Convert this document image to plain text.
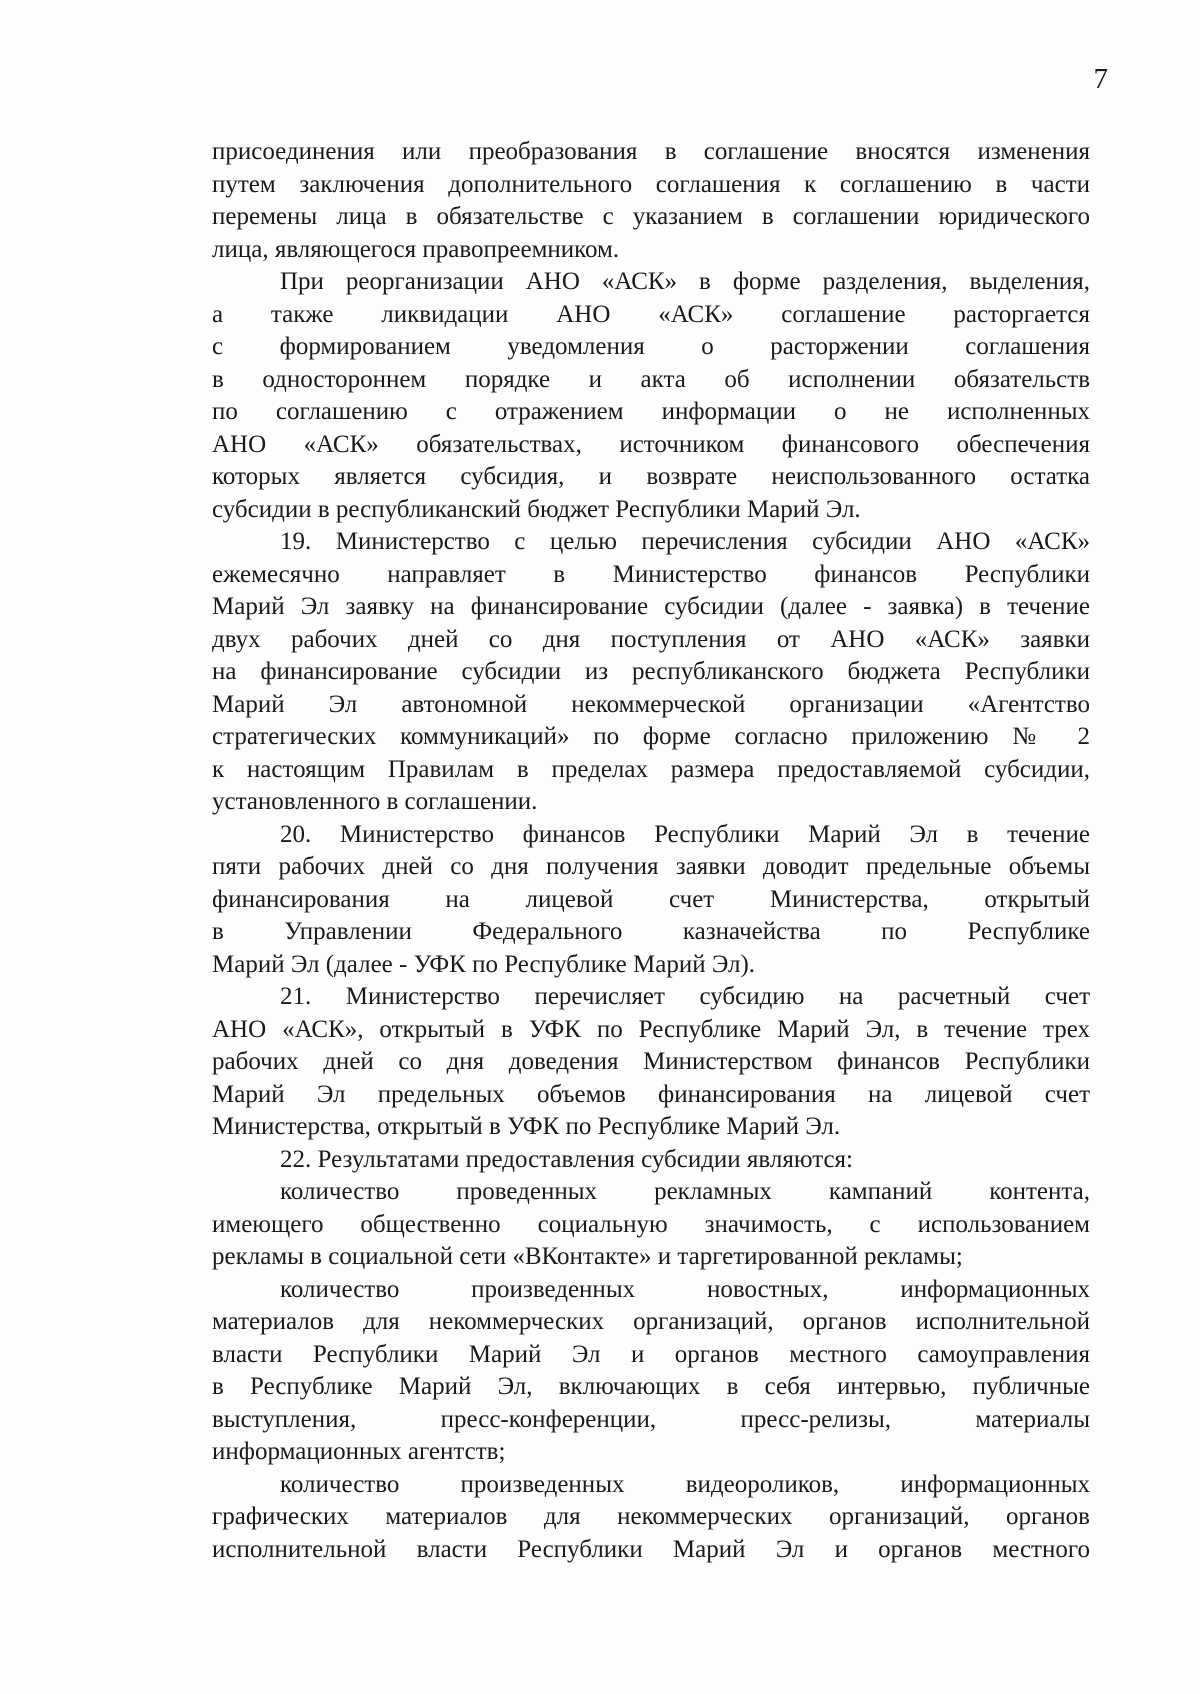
7
присоединения или преобразования в соглашение вносятся изменения
путем заключения дополнительного соглашения к соглашению в части
перемены лица в обязательстве с указанием в соглашении юридического
лица, являющегося правопреемником.
При реорганизации АНО «АСК» в форме разделения, выделения,
а также ликвидации АНО «АСК» соглашение расторгается
с формированием уведомления о расторжении соглашения
в одностороннем порядке и акта об исполнении обязательств
по соглашению с отражением информации о не исполненных
АНО «АСК» обязательствах, источником финансового обеспечения
которых является субсидия, и возврате неиспользованного остатка
субсидии в республиканский бюджет Республики Марий Эл.
19. Министерство с целью перечисления субсидии АНО «АСК»
ежемесячно направляет в Министерство финансов Республики
Марий Эл заявку на финансирование субсидии (далее - заявка) в течение
двух рабочих дней со дня поступления от АНО «АСК» заявки
на финансирование субсидии из республиканского бюджета Республики
Марий Эл автономной некоммерческой организации «Агентство
стратегических коммуникаций» по форме согласно приложению № 2
к настоящим Правилам в пределах размера предоставляемой субсидии,
установленного в соглашении.
20. Министерство финансов Республики Марий Эл в течение
пяти рабочих дней со дня получения заявки доводит предельные объемы
финансирования на лицевой счет Министерства, открытый
в Управлении Федерального казначейства по Республике
Марий Эл (далее - УФК по Республике Марий Эл).
21. Министерство перечисляет субсидию на расчетный счет
АНО «АСК», открытый в УФК по Республике Марий Эл, в течение трех
рабочих дней со дня доведения Министерством финансов Республики
Марий Эл предельных объемов финансирования на лицевой счет
Министерства, открытый в УФК по Республике Марий Эл.
22. Результатами предоставления субсидии являются:
количество проведенных рекламных кампаний контента,
имеющего общественно социальную значимость, с использованием
рекламы в социальной сети «ВКонтакте» и таргетированной рекламы;
количество произведенных новостных, информационных
материалов для некоммерческих организаций, органов исполнительной
власти Республики Марий Эл и органов местного самоуправления
в Республике Марий Эл, включающих в себя интервью, публичные
выступления, пресс-конференции, пресс-релизы, материалы
информационных агентств;
количество произведенных видеороликов, информационных
графических материалов для некоммерческих организаций, органов
исполнительной власти Республики Марий Эл и органов местного
